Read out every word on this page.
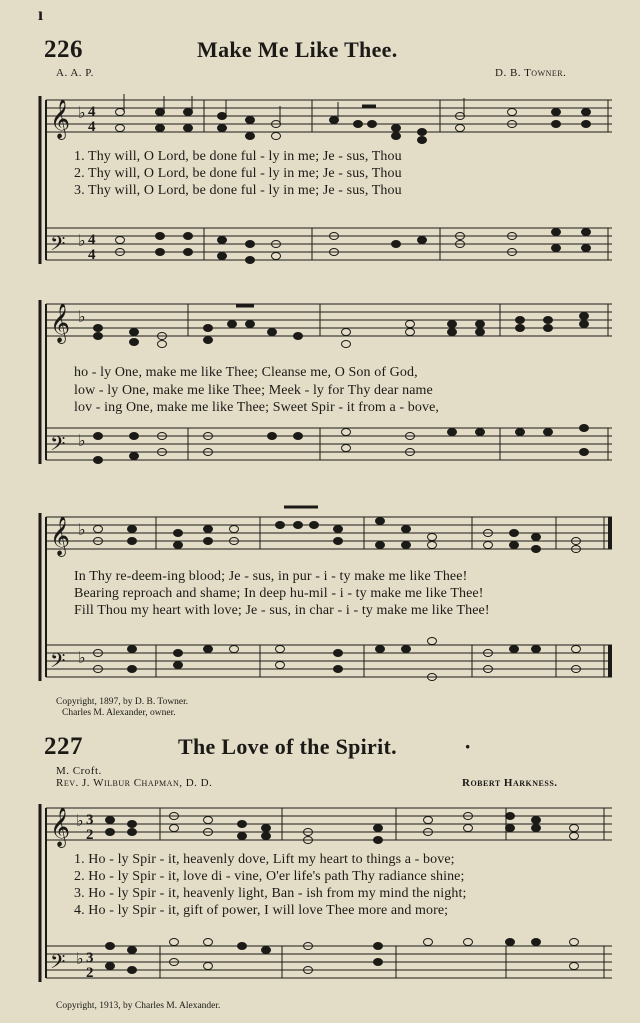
ı
226	Make Me Like Thee.
A. A. P.	D. B. Towner.
𝄞
𝄢
♭
♭
4
4
4
4
1. Thy will, O Lord, be done ful - ly in me; Je - sus, Thou
2. Thy will, O Lord, be done ful - ly in me; Je - sus, Thou
3. Thy will, O Lord, be done ful - ly in me; Je - sus, Thou
𝄞
𝄢
♭
♭
ho - ly One, make me like Thee; Cleanse me, O Son of God,
low - ly One, make me like Thee; Meek - ly for Thy dear name
lov - ing One, make me like Thee; Sweet Spir - it from a - bove,
𝄞
𝄢
♭
♭
In Thy re-deem-ing blood; Je - sus, in pur - i - ty make me like Thee!
Bearing reproach and shame; In deep hu-mil - i - ty make me like Thee!
Fill Thou my heart with love; Je - sus, in char - i - ty make me like Thee!
Copyright, 1897, by D. B. Towner.
Charles M. Alexander, owner.
227	The Love of the Spirit.	·
M. Croft.
Rev. J. Wilbur Chapman, D. D.	Robert Harkness.
𝄞
𝄢
♭
♭
3
2
3
2
1. Ho - ly Spir - it, heavenly dove, Lift my heart to things a - bove;
2. Ho - ly Spir - it, love di - vine, O'er life's path Thy radiance shine;
3. Ho - ly Spir - it, heavenly light, Ban - ish from my mind the night;
4. Ho - ly Spir - it, gift of power, I will love Thee more and more;
Copyright, 1913, by Charles M. Alexander.
